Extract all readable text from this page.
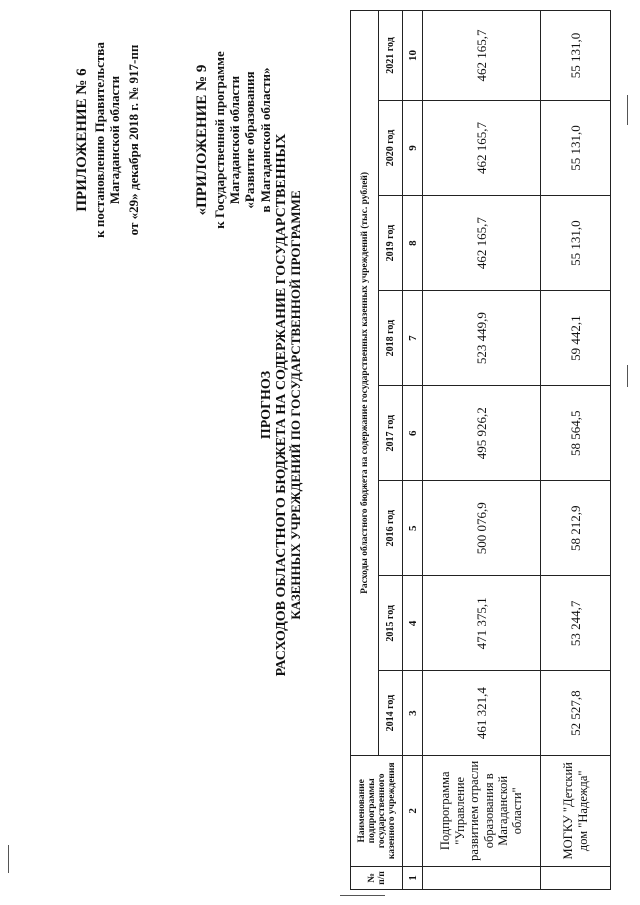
ПРИЛОЖЕНИЕ № 6 к постановлению Правительства Магаданской области от «29» декабря 2018 г. № 917-пп	«ПРИЛОЖЕНИЕ № 9 к Государственной программе Магаданской области «Развитие образования в Магаданской области»
ПРОГНОЗ РАСХОДОВ ОБЛАСТНОГО БЮДЖЕТА НА СОДЕРЖАНИЕ ГОСУДАРСТВЕННЫХ КАЗЕННЫХ УЧРЕЖДЕНИЙ ПО ГОСУДАРСТВЕННОЙ ПРОГРАММЕ
№ п/п	Наименование подпрограммы государственного казенного учреждения	Расходы областного бюджета на содержание государственных казенных учреждений (тыс. рублей)							
		2014 год	2015 год	2016 год	2017 год	2018 год	2019 год	2020 год	2021 год
1	2	3	4	5	6	7	8	9	10
	Подпрограмма "Управление развитием отрасли образования в Магаданской области"	461 321,4	471 375,1	500 076,9	495 926,2	523 449,9	462 165,7	462 165,7	462 165,7
	МОГКУ "Детский дом "Надежда"	52 527,8	53 244,7	58 212,9	58 564,5	59 442,1	55 131,0	55 131,0	55 131,0
